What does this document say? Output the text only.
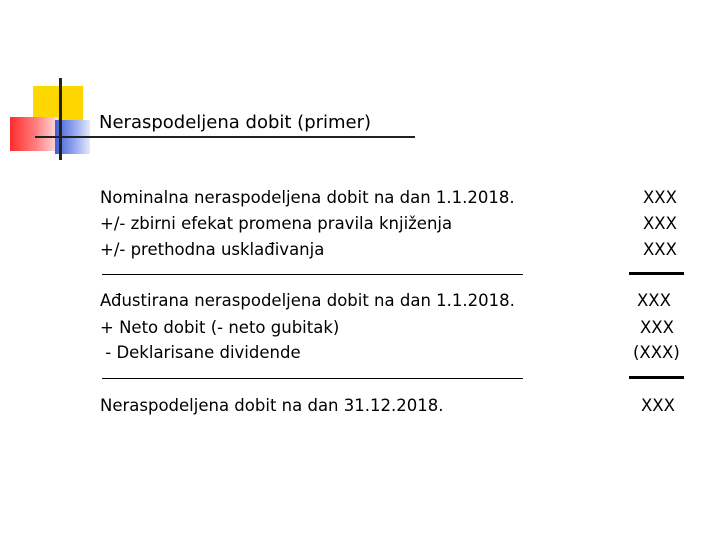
Neraspodeljena dobit (primer)
Nominalna neraspodeljena dobit na dan 1.1.2018.	XXX
+/- zbirni efekat promena pravila knjiženja	XXX
+/- prethodna usklađivanja	XXX
Ađustirana neraspodeljena dobit na dan 1.1.2018.	XXX
+ Neto dobit (- neto gubitak)	XXX
- Deklarisane dividende	(XXX)
Neraspodeljena dobit na dan 31.12.2018.	XXX
